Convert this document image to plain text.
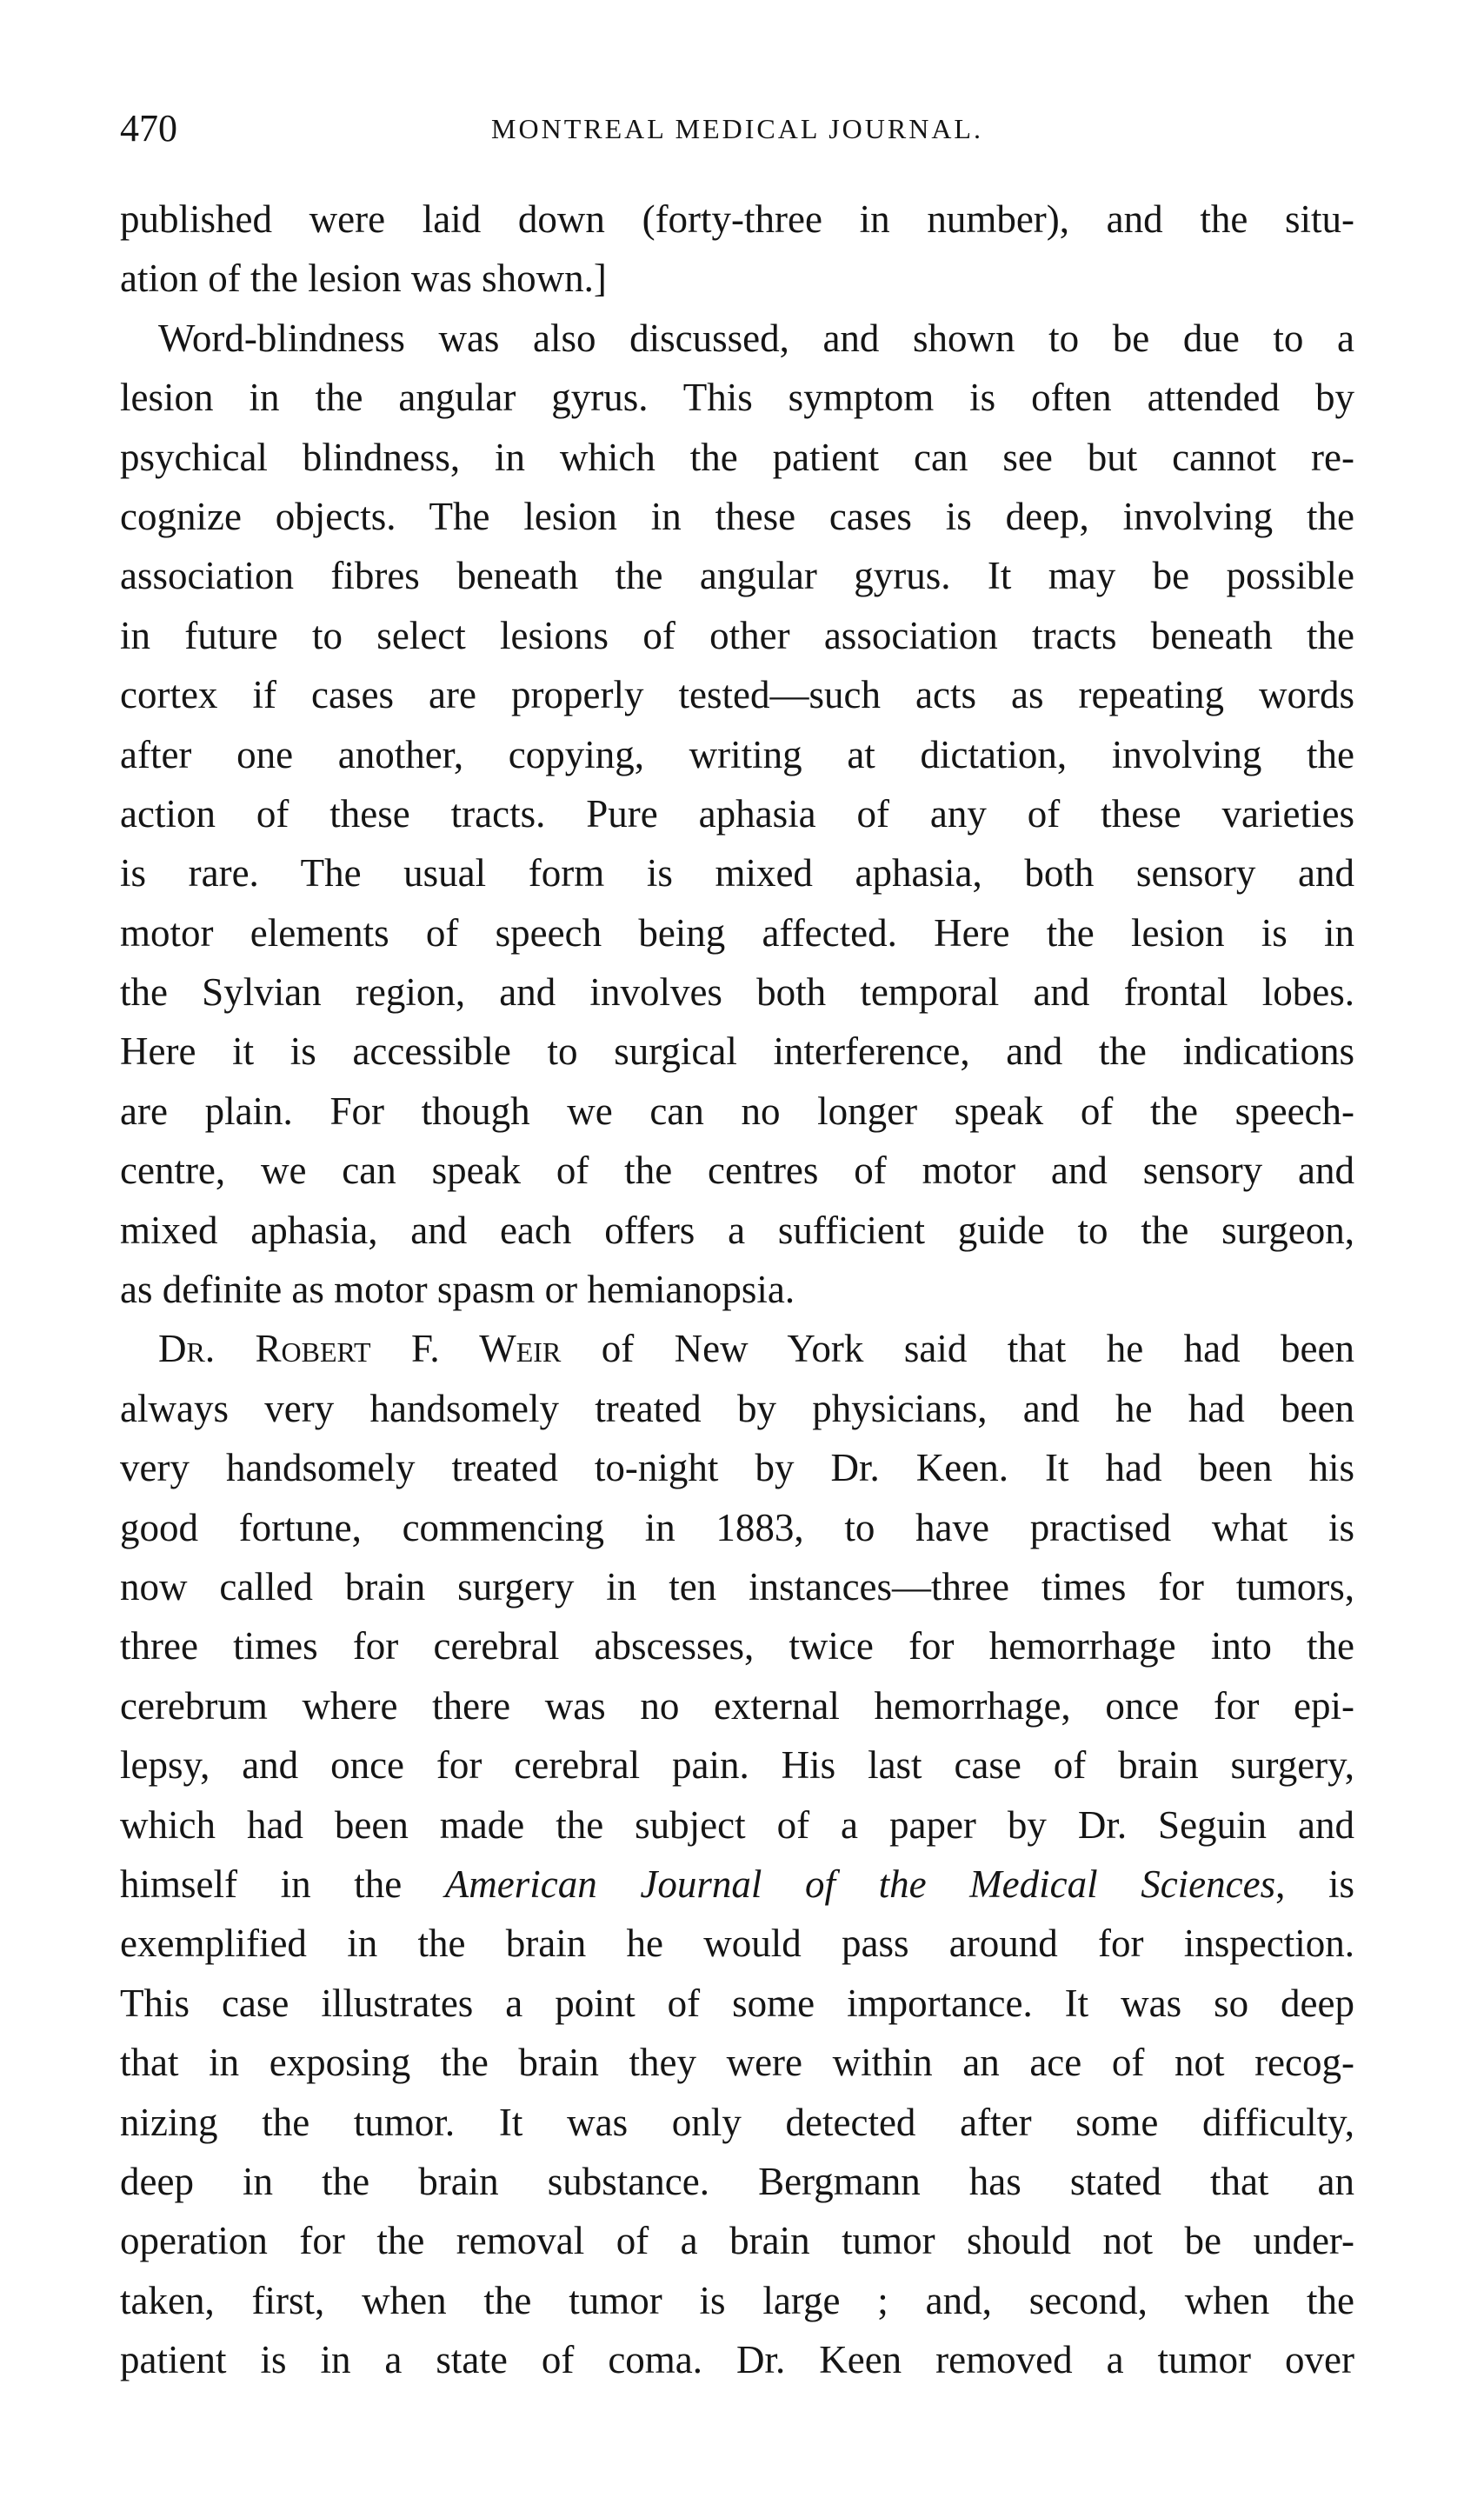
470	MONTREAL MEDICAL JOURNAL.
published were laid down (forty-three in number), and the situ-
ation of the lesion was shown.]
Word-blindness was also discussed, and shown to be due to a
lesion in the angular gyrus. This symptom is often attended by
psychical blindness, in which the patient can see but cannot re-
cognize objects. The lesion in these cases is deep, involving the
association fibres beneath the angular gyrus. It may be possible
in future to select lesions of other association tracts beneath the
cortex if cases are properly tested—such acts as repeating words
after one another, copying, writing at dictation, involving the
action of these tracts. Pure aphasia of any of these varieties
is rare. The usual form is mixed aphasia, both sensory and
motor elements of speech being affected. Here the lesion is in
the Sylvian region, and involves both temporal and frontal lobes.
Here it is accessible to surgical interference, and the indications
are plain. For though we can no longer speak of the speech-
centre, we can speak of the centres of motor and sensory and
mixed aphasia, and each offers a sufficient guide to the surgeon,
as definite as motor spasm or hemianopsia.
Dr. Robert F. Weir of New York said that he had been
always very handsomely treated by physicians, and he had been
very handsomely treated to-night by Dr. Keen. It had been his
good fortune, commencing in 1883, to have practised what is
now called brain surgery in ten instances—three times for tumors,
three times for cerebral abscesses, twice for hemorrhage into the
cerebrum where there was no external hemorrhage, once for epi-
lepsy, and once for cerebral pain. His last case of brain surgery,
which had been made the subject of a paper by Dr. Seguin and
himself in the American Journal of the Medical Sciences, is
exemplified in the brain he would pass around for inspection.
This case illustrates a point of some importance. It was so deep
that in exposing the brain they were within an ace of not recog-
nizing the tumor. It was only detected after some difficulty,
deep in the brain substance. Bergmann has stated that an
operation for the removal of a brain tumor should not be under-
taken, first, when the tumor is large ; and, second, when the
patient is in a state of coma. Dr. Keen removed a tumor over
